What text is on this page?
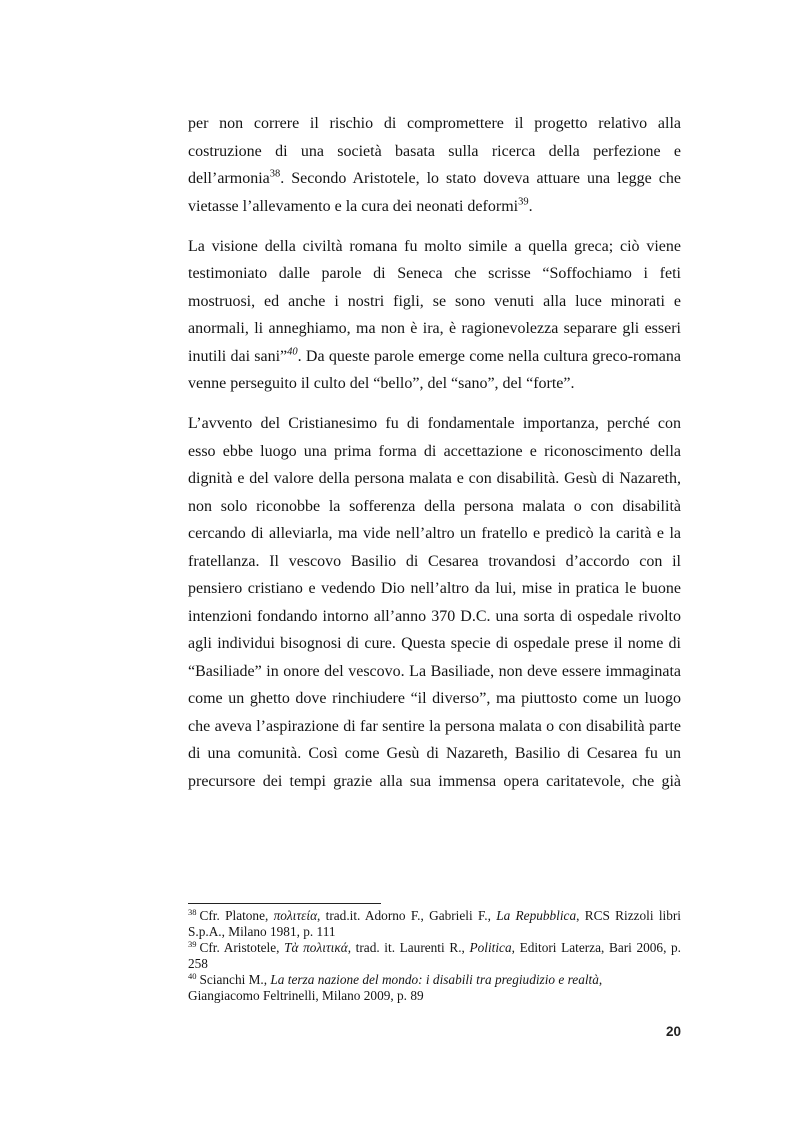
per non correre il rischio di compromettere il progetto relativo alla
costruzione di una società basata sulla ricerca della perfezione e
dell’armonia$^{38}$. Secondo Aristotele, lo stato doveva attuare una legge che
vietasse l’allevamento e la cura dei neonati deformi$^{39}$.
La visione della civiltà romana fu molto simile a quella greca; ciò viene
testimoniato dalle parole di Seneca che scrisse “Soffochiamo i feti
mostruosi, ed anche i nostri figli, se sono venuti alla luce minorati e
anormali, li anneghiamo, ma non è ira, è ragionevolezza separare gli esseri
inutili dai sani”$^{40}$. Da queste parole emerge come nella cultura greco-romana
venne perseguito il culto del “bello”, del “sano”, del “forte”.
L’avvento del Cristianesimo fu di fondamentale importanza, perché con
esso ebbe luogo una prima forma di accettazione e riconoscimento della
dignità e del valore della persona malata e con disabilità. Gesù di Nazareth,
non solo riconobbe la sofferenza della persona malata o con disabilità
cercando di alleviarla, ma vide nell’altro un fratello e predicò la carità e la
fratellanza. Il vescovo Basilio di Cesarea trovandosi d’accordo con il
pensiero cristiano e vedendo Dio nell’altro da lui, mise in pratica le buone
intenzioni fondando intorno all’anno 370 D.C. una sorta di ospedale rivolto
agli individui bisognosi di cure. Questa specie di ospedale prese il nome di
“Basiliade” in onore del vescovo. La Basiliade, non deve essere immaginata
come un ghetto dove rinchiudere “il diverso”, ma piuttosto come un luogo
che aveva l’aspirazione di far sentire la persona malata o con disabilità parte
di una comunità. Così come Gesù di Nazareth, Basilio di Cesarea fu un
precursore dei tempi grazie alla sua immensa opera caritatevole, che già
$^{38}$ Cfr. Platone, πολιτεία, trad.it. Adorno F., Gabrieli F., La Repubblica, RCS Rizzoli libri
S.p.A., Milano 1981, p. 111
$^{39}$ Cfr. Aristotele, Τὰ πολιτικά, trad. it. Laurenti R., Politica, Editori Laterza, Bari 2006, p.
258
$^{40}$ Scianchi M., La terza nazione del mondo: i disabili tra pregiudizio e realtà,
Giangiacomo Feltrinelli, Milano 2009, p. 89
20
